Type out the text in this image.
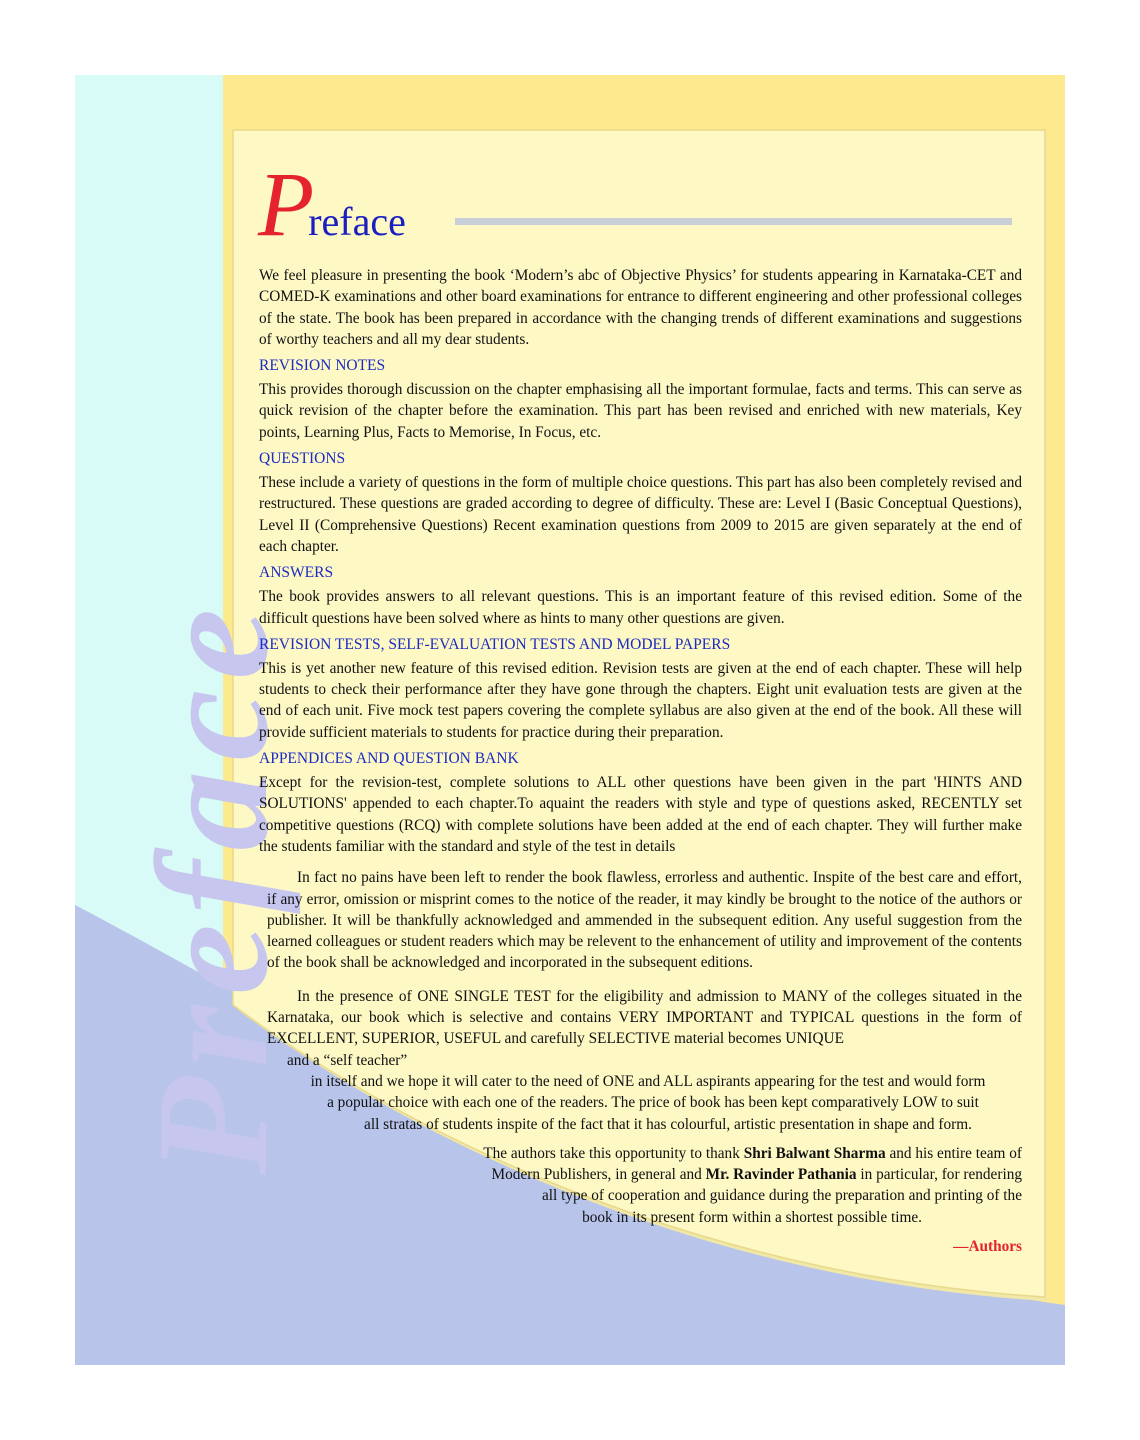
Preface
Preface

We feel pleasure in presenting the book ‘Modern’s abc of Objective Physics’ for students appearing in Karnataka-CET and COMED-K examinations and other board examinations for entrance to different engineering and other professional colleges of the state. The book has been prepared in accordance with the changing trends of different examinations and suggestions of worthy teachers and all my dear students.

REVISION NOTES

This provides thorough discussion on the chapter emphasising all the important formulae, facts and terms. This can serve as quick revision of the chapter before the examination. This part has been revised and enriched with new materials, Key points, Learning Plus, Facts to Memorise, In Focus, etc.

QUESTIONS

These include a variety of questions in the form of multiple choice questions. This part has also been completely revised and restructured. These questions are graded according to degree of difficulty. These are: Level I (Basic Conceptual Questions), Level II (Comprehensive Questions) Recent examination questions from 2009 to 2015 are given separately at the end of each chapter.

ANSWERS

The book provides answers to all relevant questions. This is an important feature of this revised edition. Some of the difficult questions have been solved where as hints to many other questions are given.

REVISION TESTS, SELF-EVALUATION TESTS AND MODEL PAPERS

This is yet another new feature of this revised edition. Revision tests are given at the end of each chapter. These will help students to check their performance after they have gone through the chapters. Eight unit evaluation tests are given at the end of each unit. Five mock test papers covering the complete syllabus are also given at the end of the book. All these will provide sufficient materials to students for practice during their preparation.

APPENDICES AND QUESTION BANK

Except for the revision-test, complete solutions to ALL other questions have been given in the part 'HINTS AND SOLUTIONS' appended to each chapter.To aquaint the readers with style and type of questions asked, RECENTLY set competitive questions (RCQ) with complete solutions have been added at the end of each chapter. They will further make the students familiar with the standard and style of the test in details

In fact no pains have been left to render the book flawless, errorless and authentic. Inspite of the best care and effort, if any error, omission or misprint comes to the notice of the reader, it may kindly be brought to the notice of the authors or publisher. It will be thankfully acknowledged and ammended in the subsequent edition. Any useful suggestion from the learned colleagues or student readers which may be relevent to the enhancement of utility and improvement of the contents of the book shall be acknowledged and incorporated in the subsequent editions.

In the presence of ONE SINGLE TEST for the eligibility and admission to MANY of the colleges situated in the Karnataka, our book which is selective and contains VERY IMPORTANT and TYPICAL questions in the form of EXCELLENT, SUPERIOR, USEFUL and carefully SELECTIVE material becomes UNIQUE

and a “self teacher”

in itself and we hope it will cater to the need of ONE and ALL aspirants appearing for the test and would form

a popular choice with each one of the readers. The price of book has been kept comparatively LOW to suit

all stratas of students inspite of the fact that it has colourful, artistic presentation in shape and form.

The authors take this opportunity to thank Shri Balwant Sharma and his entire team of

Modern Publishers, in general and Mr. Ravinder Pathania in particular, for rendering

all type of cooperation and guidance during the preparation and printing of the

book in its present form within a shortest possible time.

—Authors
